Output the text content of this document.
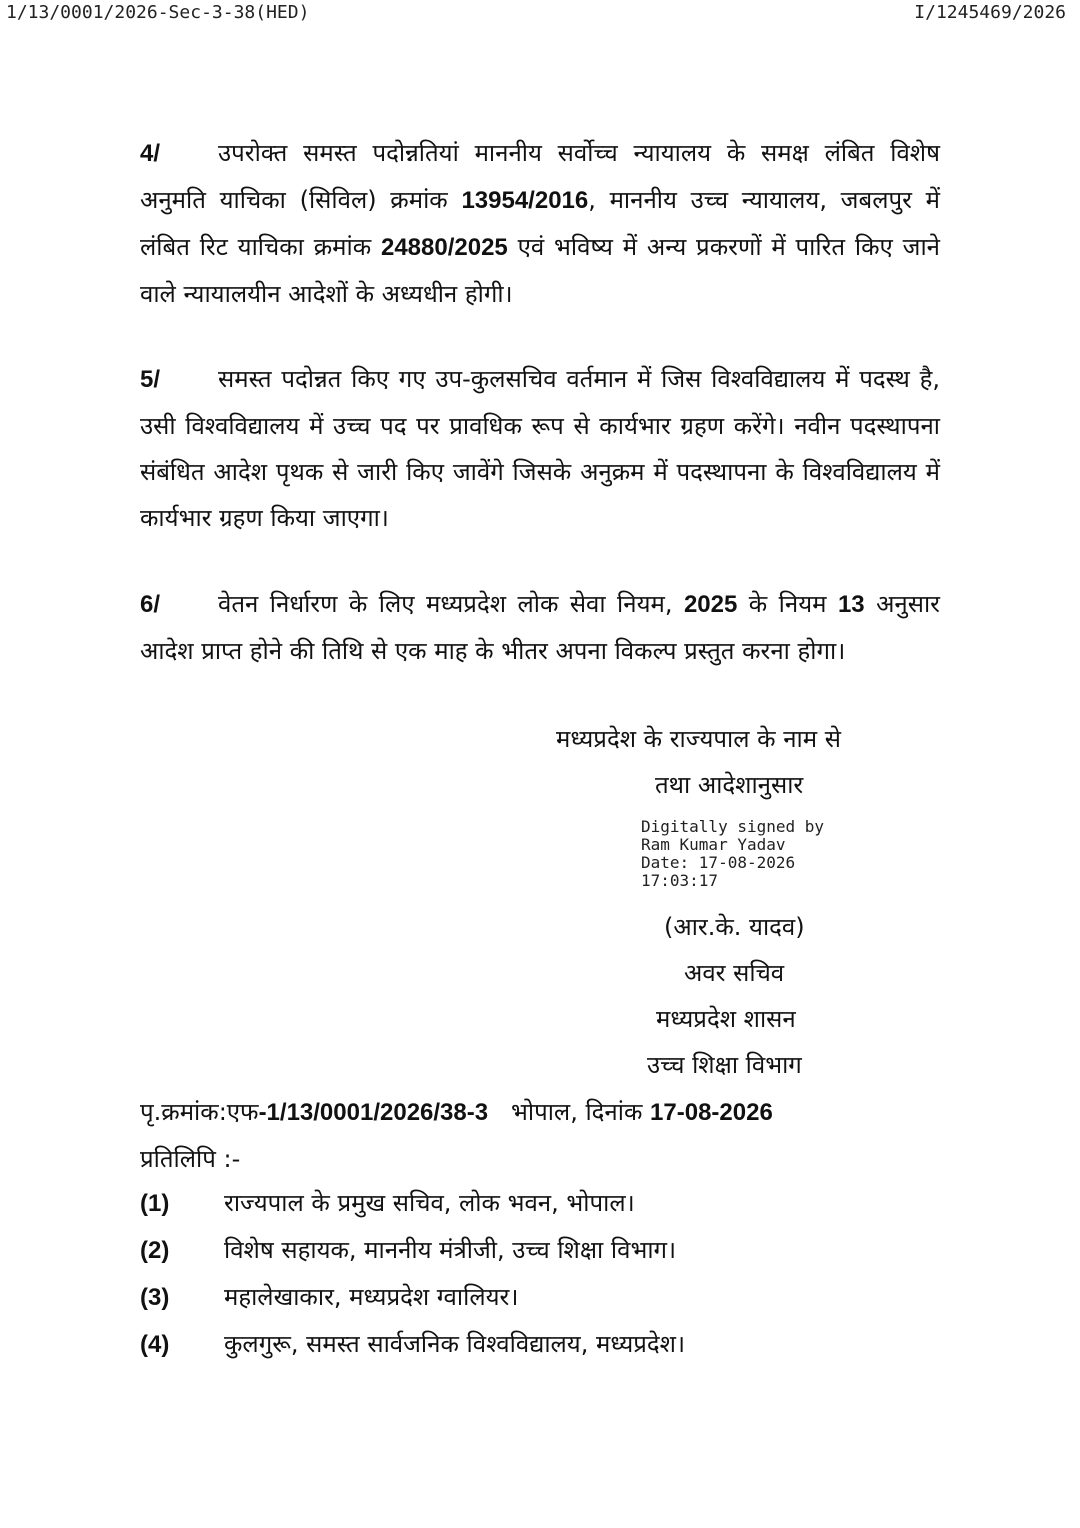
1/13/0001/2026-Sec-3-38(HED)	I/1245469/2026
4/ उपरोक्त समस्त पदोन्नतियां माननीय सर्वोच्च न्यायालय के समक्ष लंबित विशेष अनुमति याचिका (सिविल) क्रमांक 13954/2016, माननीय उच्च न्यायालय, जबलपुर में लंबित रिट याचिका क्रमांक 24880/2025 एवं भविष्य में अन्य प्रकरणों में पारित किए जाने वाले न्यायालयीन आदेशों के अध्यधीन होगी।
5/ समस्त पदोन्नत किए गए उप-कुलसचिव वर्तमान में जिस विश्वविद्यालय में पदस्थ है, उसी विश्वविद्यालय में उच्च पद पर प्रावधिक रूप से कार्यभार ग्रहण करेंगे। नवीन पदस्थापना संबंधित आदेश पृथक से जारी किए जावेंगे जिसके अनुक्रम में पदस्थापना के विश्वविद्यालय में कार्यभार ग्रहण किया जाएगा।
6/ वेतन निर्धारण के लिए मध्यप्रदेश लोक सेवा नियम, 2025 के नियम 13 अनुसार आदेश प्राप्त होने की तिथि से एक माह के भीतर अपना विकल्प प्रस्तुत करना होगा।
मध्यप्रदेश के राज्यपाल के नाम से
तथा आदेशानुसार
Digitally signed by
Ram Kumar Yadav
Date: 17-08-2026
17:03:17
(आर.के. यादव)
अवर सचिव
मध्यप्रदेश शासन
उच्च शिक्षा विभाग
पृ.क्रमांक:एफ-1/13/0001/2026/38-3 भोपाल, दिनांक 17-08-2026
प्रतिलिपि :-
(1) राज्यपाल के प्रमुख सचिव, लोक भवन, भोपाल।
(2) विशेष सहायक, माननीय मंत्रीजी, उच्च शिक्षा विभाग।
(3) महालेखाकार, मध्यप्रदेश ग्वालियर।
(4) कुलगुरू, समस्त सार्वजनिक विश्वविद्यालय, मध्यप्रदेश।
